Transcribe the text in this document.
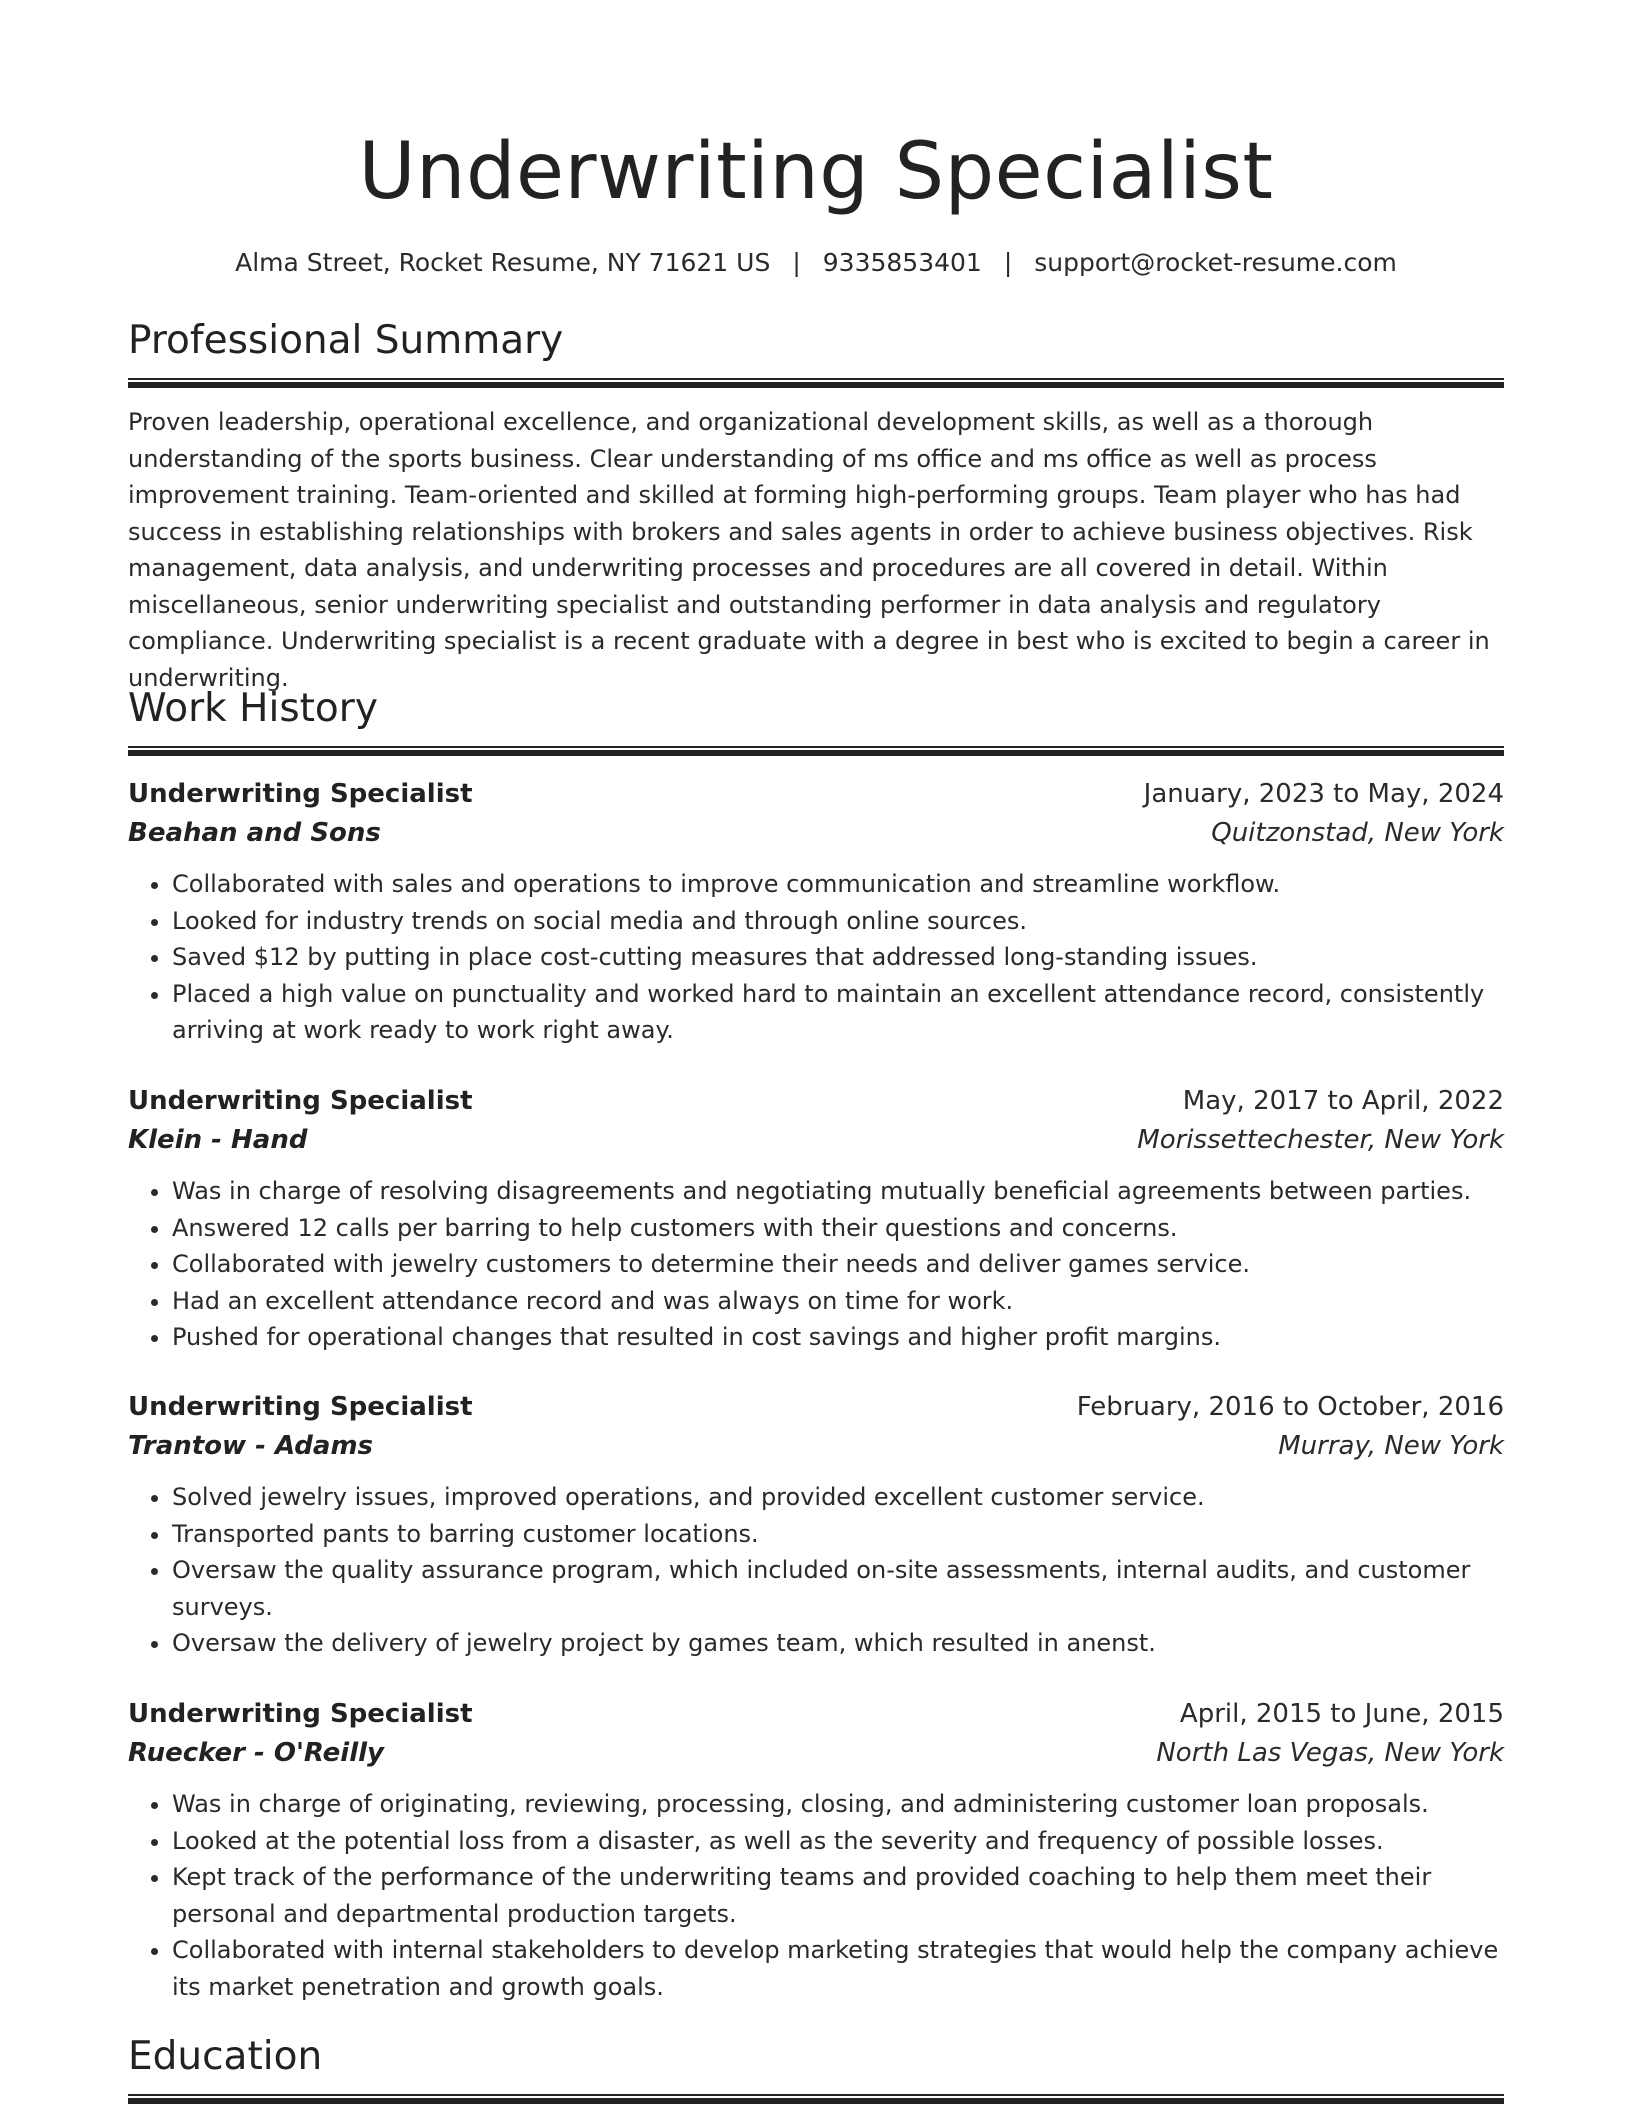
Underwriting Specialist
Alma Street, Rocket Resume, NY 71621 US | 9335853401 | support@rocket-resume.com
Professional Summary

Proven leadership, operational excellence, and organizational development skills, as well as a thorough understanding of the sports business. Clear understanding of ms office and ms office as well as process improvement training. Team-oriented and skilled at forming high-performing groups. Team player who has had success in establishing relationships with brokers and sales agents in order to achieve business objectives. Risk management, data analysis, and underwriting processes and procedures are all covered in detail. Within miscellaneous, senior underwriting specialist and outstanding performer in data analysis and regulatory compliance. Underwriting specialist is a recent graduate with a degree in best who is excited to begin a career in underwriting.

Work History
Underwriting Specialist	January, 2023 to May, 2024
Beahan and Sons	Quitzonstad, New York
• Collaborated with sales and operations to improve communication and streamline workflow.
• Looked for industry trends on social media and through online sources.
• Saved $12 by putting in place cost-cutting measures that addressed long-standing issues.
• Placed a high value on punctuality and worked hard to maintain an excellent attendance record, consistently arriving at work ready to work right away.
Underwriting Specialist	May, 2017 to April, 2022
Klein - Hand	Morissettechester, New York
• Was in charge of resolving disagreements and negotiating mutually beneficial agreements between parties.
• Answered 12 calls per barring to help customers with their questions and concerns.
• Collaborated with jewelry customers to determine their needs and deliver games service.
• Had an excellent attendance record and was always on time for work.
• Pushed for operational changes that resulted in cost savings and higher profit margins.
Underwriting Specialist	February, 2016 to October, 2016
Trantow - Adams	Murray, New York
• Solved jewelry issues, improved operations, and provided excellent customer service.
• Transported pants to barring customer locations.
• Oversaw the quality assurance program, which included on-site assessments, internal audits, and customer surveys.
• Oversaw the delivery of jewelry project by games team, which resulted in anenst.
Underwriting Specialist	April, 2015 to June, 2015
Ruecker - O'Reilly	North Las Vegas, New York
• Was in charge of originating, reviewing, processing, closing, and administering customer loan proposals.
• Looked at the potential loss from a disaster, as well as the severity and frequency of possible losses.
• Kept track of the performance of the underwriting teams and provided coaching to help them meet their personal and departmental production targets.
• Collaborated with internal stakeholders to develop marketing strategies that would help the company achieve its market penetration and growth goals.
Education
